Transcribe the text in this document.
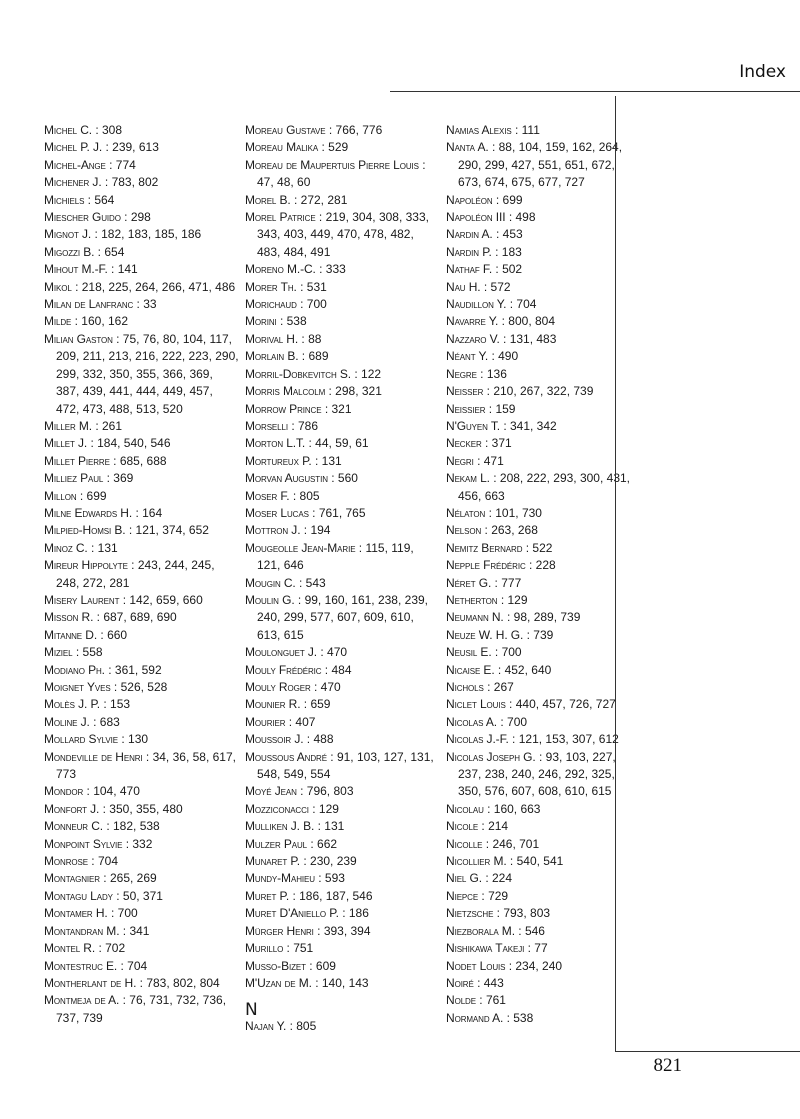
Index
Michel C. : 308
Michel P. J. : 239, 613
Michel-Ange : 774
Michener J. : 783, 802
Michiels : 564
Miescher Guido : 298
Mignot J. : 182, 183, 185, 186
Migozzi B. : 654
Mihout M.-F. : 141
Mikol : 218, 225, 264, 266, 471, 486
Milan de Lanfranc : 33
Milde : 160, 162
Milian Gaston : 75, 76, 80, 104, 117, 209, 211, 213, 216, 222, 223, 290, 299, 332, 350, 355, 366, 369, 387, 439, 441, 444, 449, 457, 472, 473, 488, 513, 520
Miller M. : 261
Millet J. : 184, 540, 546
Millet Pierre : 685, 688
Milliez Paul : 369
Millon : 699
Milne Edwards H. : 164
Milpied-Homsi B. : 121, 374, 652
Minoz C. : 131
Mireur Hippolyte : 243, 244, 245, 248, 272, 281
Misery Laurent : 142, 659, 660
Misson R. : 687, 689, 690
Mitanne D. : 660
Miziel : 558
Modiano Ph. : 361, 592
Moignet Yves : 526, 528
Molès J. P. : 153
Moline J. : 683
Mollard Sylvie : 130
Mondeville de Henri : 34, 36, 58, 617, 773
Mondor : 104, 470
Monfort J. : 350, 355, 480
Monneur C. : 182, 538
Monpoint Sylvie : 332
Monrose : 704
Montagnier : 265, 269
Montagu Lady : 50, 371
Montamer H. : 700
Montandran M. : 341
Montel R. : 702
Montestruc E. : 704
Montherlant de H. : 783, 802, 804
Montmeja de A. : 76, 731, 732, 736, 737, 739
Moreau Gustave : 766, 776
Moreau Malika : 529
Moreau de Maupertuis Pierre Louis : 47, 48, 60
Morel B. : 272, 281
Morel Patrice : 219, 304, 308, 333, 343, 403, 449, 470, 478, 482, 483, 484, 491
Moreno M.-C. : 333
Morer Th. : 531
Morichaud : 700
Morini : 538
Morival H. : 88
Morlain B. : 689
Morril-Dobkevitch S. : 122
Morris Malcolm : 298, 321
Morrow Prince : 321
Morselli : 786
Morton L.T. : 44, 59, 61
Mortureux P. : 131
Morvan Augustin : 560
Moser F. : 805
Moser Lucas : 761, 765
Mottron J. : 194
Mougeolle Jean-Marie : 115, 119, 121, 646
Mougin C. : 543
Moulin G. : 99, 160, 161, 238, 239, 240, 299, 577, 607, 609, 610, 613, 615
Moulonguet J. : 470
Mouly Frédéric : 484
Mouly Roger : 470
Mounier R. : 659
Mourier : 407
Moussoir J. : 488
Moussous André : 91, 103, 127, 131, 548, 549, 554
Moyé Jean : 796, 803
Mozziconacci : 129
Mulliken J. B. : 131
Mulzer Paul : 662
Munaret P. : 230, 239
Mundy-Mahieu : 593
Muret P. : 186, 187, 546
Muret D'Aniello P. : 186
Mürger Henri : 393, 394
Murillo : 751
Musso-Bizet : 609
M'Uzan de M. : 140, 143
N
Najan Y. : 805
Namias Alexis : 111
Nanta A. : 88, 104, 159, 162, 264, 290, 299, 427, 551, 651, 672, 673, 674, 675, 677, 727
Napoléon : 699
Napoléon III : 498
Nardin A. : 453
Nardin P. : 183
Nathaf F. : 502
Nau H. : 572
Naudillon Y. : 704
Navarre Y. : 800, 804
Nazzaro V. : 131, 483
Néant Y. : 490
Negre : 136
Neisser : 210, 267, 322, 739
Neissier : 159
N'Guyen T. : 341, 342
Necker : 371
Negri : 471
Nekam L. : 208, 222, 293, 300, 431, 456, 663
Nélaton : 101, 730
Nelson : 263, 268
Nemitz Bernard : 522
Nepple Frédéric : 228
Néret G. : 777
Netherton : 129
Neumann N. : 98, 289, 739
Neuze W. H. G. : 739
Neusil E. : 700
Nicaise E. : 452, 640
Nichols : 267
Niclet Louis : 440, 457, 726, 727
Nicolas A. : 700
Nicolas J.-F. : 121, 153, 307, 612
Nicolas Joseph G. : 93, 103, 227, 237, 238, 240, 246, 292, 325, 350, 576, 607, 608, 610, 615
Nicolau : 160, 663
Nicole : 214
Nicolle : 246, 701
Nicollier M. : 540, 541
Niel G. : 224
Niepce : 729
Nietzsche : 793, 803
Niezborala M. : 546
Nishikawa Takeji : 77
Nodet Louis : 234, 240
Noiré : 443
Nolde : 761
Normand A. : 538
821
